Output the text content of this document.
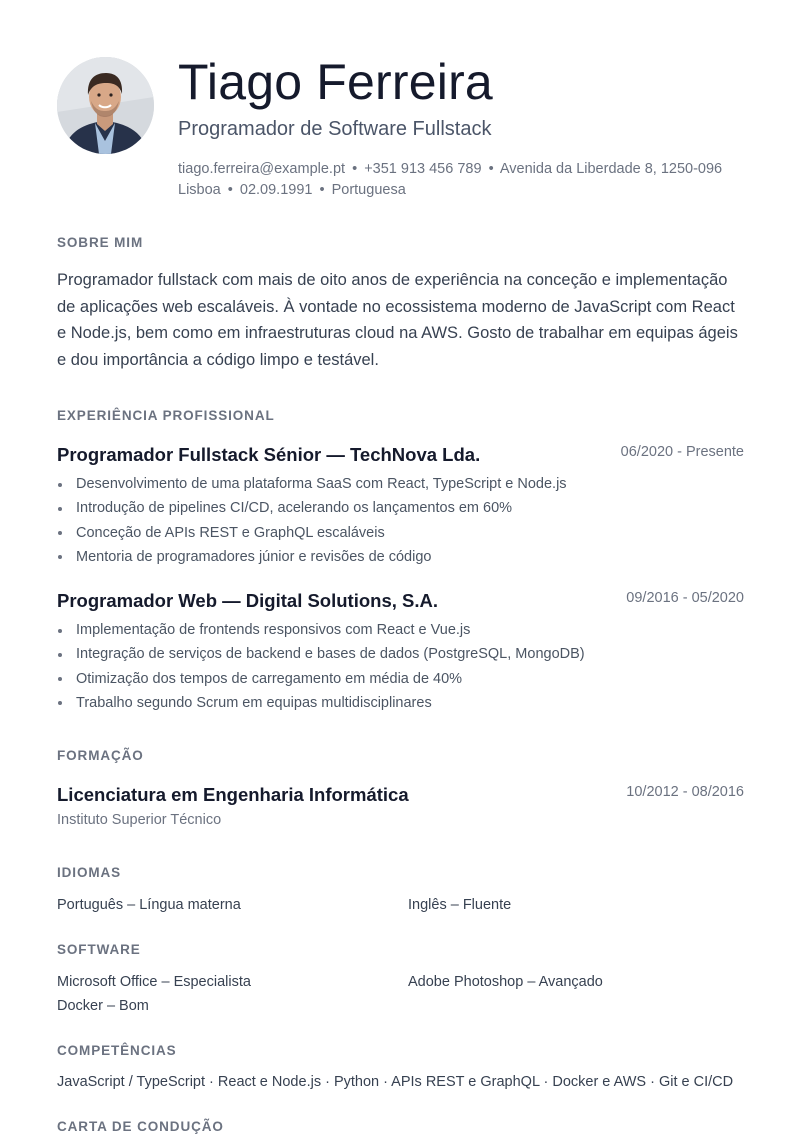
Tiago Ferreira
Programador de Software Fullstack
tiago.ferreira@example.pt • +351 913 456 789 • Avenida da Liberdade 8, 1250-096 Lisboa • 02.09.1991 • Portuguesa
SOBRE MIM
Programador fullstack com mais de oito anos de experiência na conceção e implementação de aplicações web escaláveis. À vontade no ecossistema moderno de JavaScript com React e Node.js, bem como em infraestruturas cloud na AWS. Gosto de trabalhar em equipas ágeis e dou importância a código limpo e testável.
EXPERIÊNCIA PROFISSIONAL
Programador Fullstack Sénior — TechNova Lda.	06/2020 - Presente
Desenvolvimento de uma plataforma SaaS com React, TypeScript e Node.js
Introdução de pipelines CI/CD, acelerando os lançamentos em 60%
Conceção de APIs REST e GraphQL escaláveis
Mentoria de programadores júnior e revisões de código
Programador Web — Digital Solutions, S.A.	09/2016 - 05/2020
Implementação de frontends responsivos com React e Vue.js
Integração de serviços de backend e bases de dados (PostgreSQL, MongoDB)
Otimização dos tempos de carregamento em média de 40%
Trabalho segundo Scrum em equipas multidisciplinares
FORMAÇÃO
Licenciatura em Engenharia Informática	10/2012 - 08/2016
Instituto Superior Técnico
IDIOMAS
Português – Língua materna	Inglês – Fluente
SOFTWARE
Microsoft Office – Especialista	Adobe Photoshop – Avançado
Docker – Bom
COMPETÊNCIAS
JavaScript / TypeScript · React e Node.js · Python · APIs REST e GraphQL · Docker e AWS · Git e CI/CD
CARTA DE CONDUÇÃO
